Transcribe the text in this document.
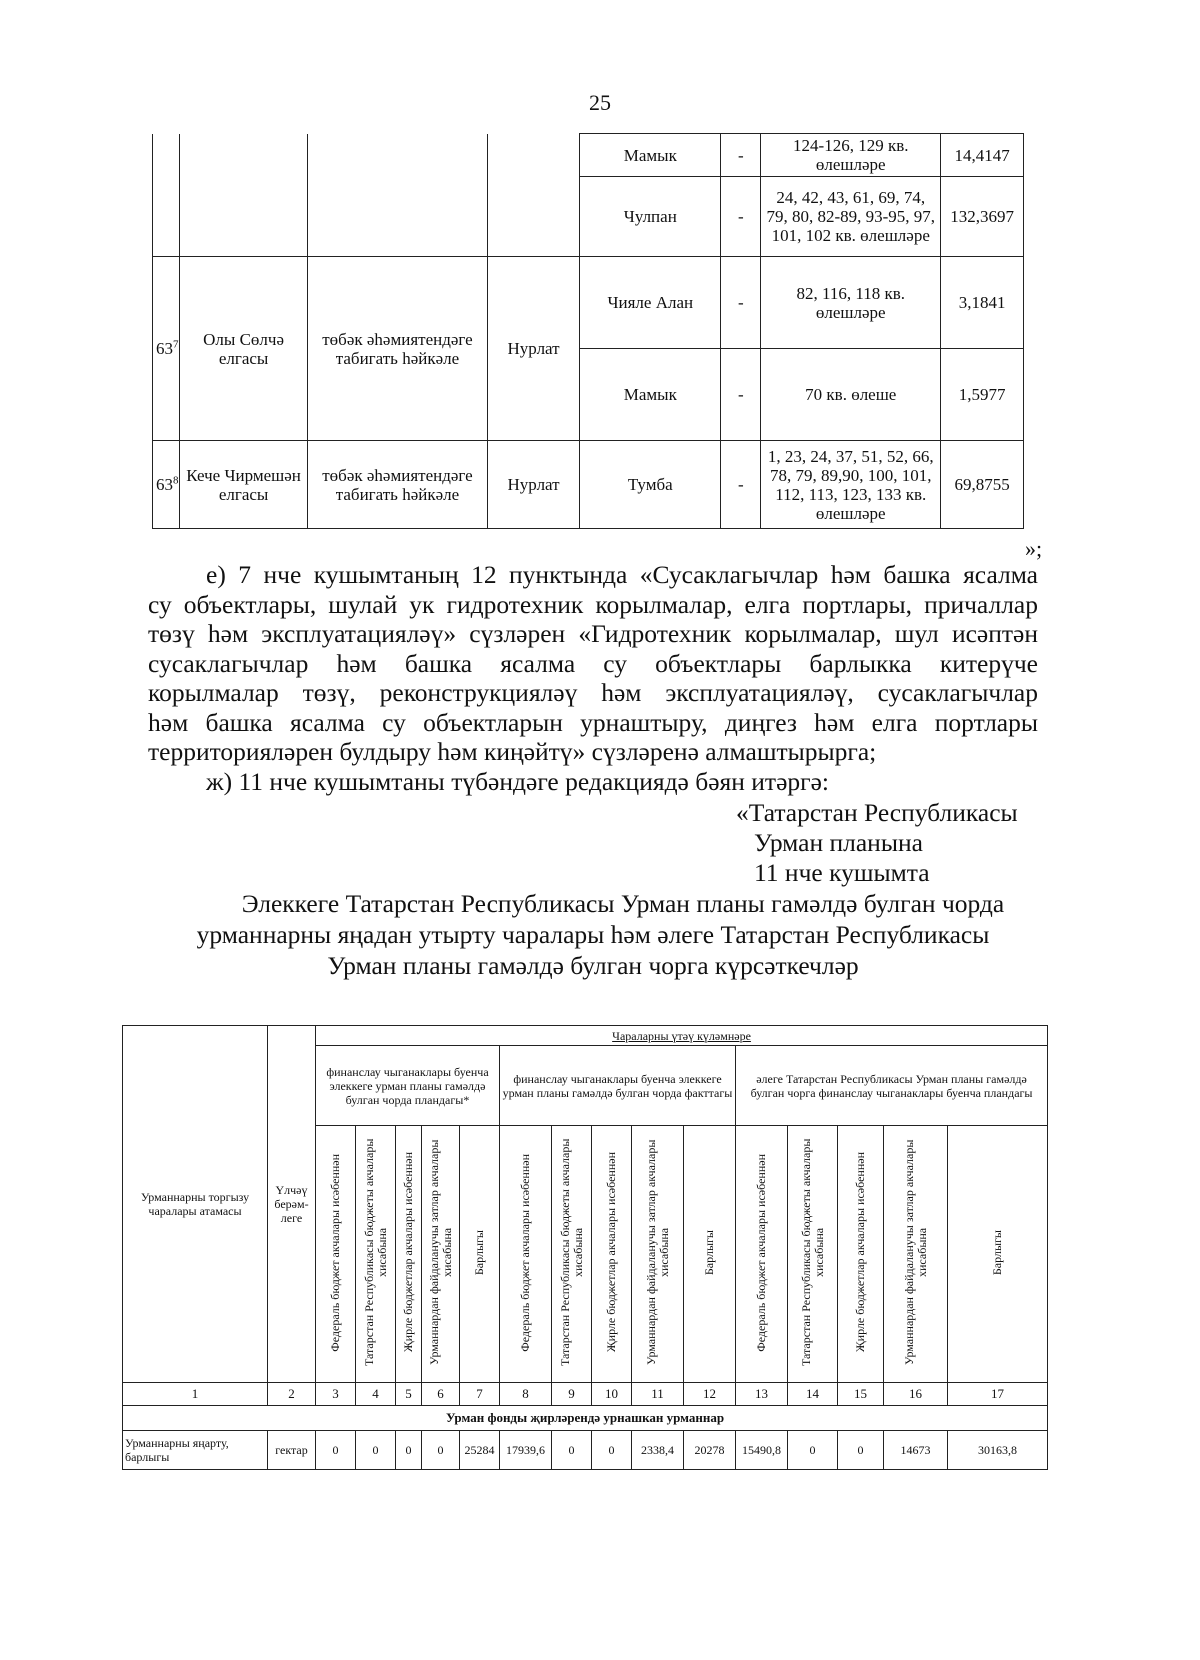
25
				Мамык	-	124-126, 129 кв. өлешләре	14,4147
				Чулпан	-	24, 42, 43, 61, 69, 74, 79, 80, 82-89, 93-95, 97, 101, 102 кв. өлешләре	132,3697
$63^7$	Олы Сөлчә елгасы	төбәк әһәмиятендәге табигать һәйкәле	Нурлат	Чияле Алан	-	82, 116, 118 кв. өлешләре	3,1841
				Мамык	-	70 кв. өлеше	1,5977
$63^8$	Кече Чирмешән елгасы	төбәк әһәмиятендәге табигать һәйкәле	Нурлат	Тумба	-	1, 23, 24, 37, 51, 52, 66, 78, 79, 89,90, 100, 101, 112, 113, 123, 133 кв. өлешләре	69,8755
»;
е) 7 нче кушымтаның 12 пунктында «Сусаклагычлар һәм башка ясалма
су объектлары, шулай ук гидротехник корылмалар, елга портлары, причаллар
төзү һәм эксплуатацияләү» сүзләрен «Гидротехник корылмалар, шул исәптән
сусаклагычлар һәм башка ясалма су объектлары барлыкка китерүче
корылмалар төзү, реконструкцияләү һәм эксплуатацияләү, сусаклагычлар
һәм башка ясалма су объектларын урнаштыру, диңгез һәм елга портлары
территорияләрен булдыру һәм киңәйтү» сүзләренә алмаштырырга;
ж) 11 нче кушымтаны түбәндәге редакциядә бәян итәргә:
«Татарстан Республикасы
Урман планына
11 нче кушымта
Элеккеге Татарстан Республикасы Урман планы гамәлдә булган чорда
урманнарны яңадан утырту чаралары һәм әлеге Татарстан Республикасы
Урман планы гамәлдә булган чорга күрсәткечләр
Урманнарны торгызу чаралары атамасы	Үлчәү берәм-леге	Чараларны үтәү күләмнәре														
		финанслау чыганаклары буенча элеккеге урман планы гамәлдә булган чорда пландагы*					финанслау чыганаклары буенча элеккеге урман планы гамәлдә булган чорда факттагы					әлеге Татарстан Республикасы Урман планы гамәлдә булган чорга финанслау чыганаклары буенча пландагы				
		Федераль бюджет акчалары исәбеннән	Татарстан Республикасы бюджеты акчалары хисабына	Җирле бюджетлар акчалары исәбеннән	Урманнардан файдаланучы затлар акчалары хисабына	Барлыгы	Федераль бюджет акчалары исәбеннән	Татарстан Республикасы бюджеты акчалары хисабына	Җирле бюджетлар акчалары исәбеннән	Урманнардан файдаланучы затлар акчалары хисабына	Барлыгы	Федераль бюджет акчалары исәбеннән	Татарстан Республикасы бюджеты акчалары хисабына	Җирле бюджетлар акчалары исәбеннән	Урманнардан файдаланучы затлар акчалары хисабына	Барлыгы
1	2	3	4	5	6	7	8	9	10	11	12	13	14	15	16	17
Урман фонды җирләрендә урнашкан урманнар																
Урманнарны яңарту, барлыгы	гектар	0	0	0	0	25284	17939,6	0	0	2338,4	20278	15490,8	0	0	14673	30163,8
